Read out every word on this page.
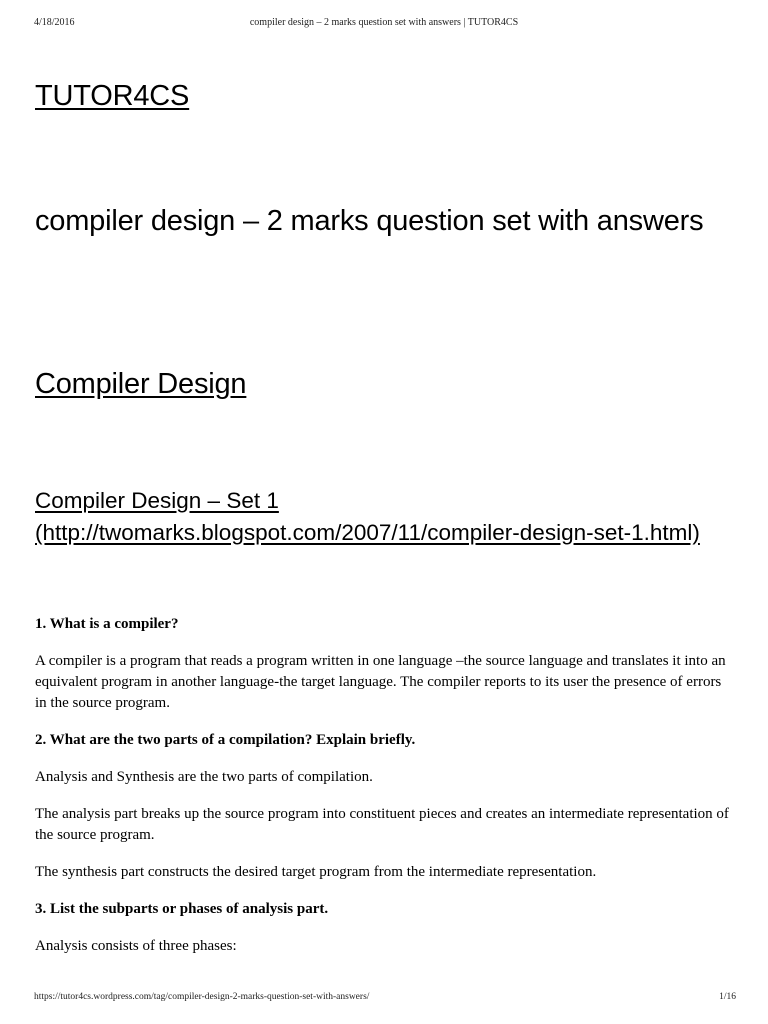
4/18/2016	compiler design – 2 marks question set with answers | TUTOR4CS
TUTOR4CS
compiler design – 2 marks question set with answers
Compiler Design
Compiler Design – Set 1 (http://twomarks.blogspot.com/2007/11/compiler-design-set-1.html)

1. What is a compiler?

A compiler is a program that reads a program written in one language –the source language and translates it into an equivalent program in another language-the target language. The compiler reports to its user the presence of errors in the source program.

2. What are the two parts of a compilation? Explain briefly.

Analysis and Synthesis are the two parts of compilation.

The analysis part breaks up the source program into constituent pieces and creates an intermediate representation of the source program.

The synthesis part constructs the desired target program from the intermediate representation.

3. List the subparts or phases of analysis part.

Analysis consists of three phases:

https://tutor4cs.wordpress.com/tag/compiler-design-2-marks-question-set-with-answers/	1/16
